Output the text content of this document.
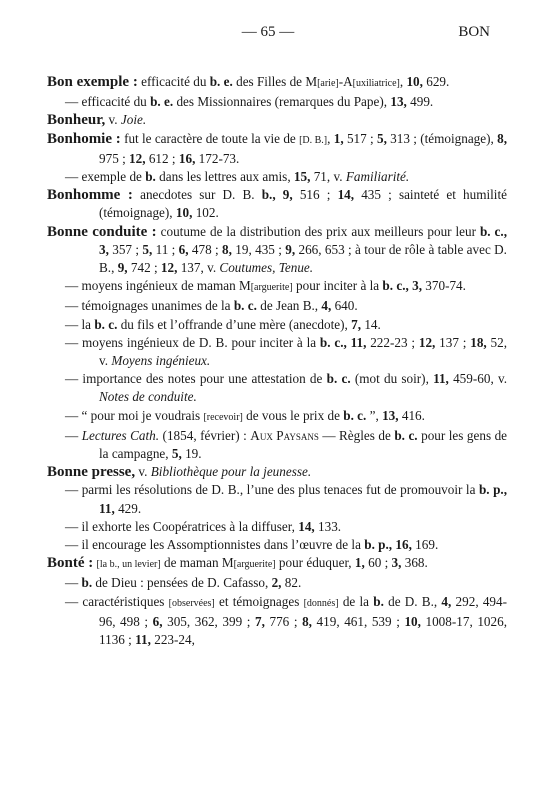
— 65 —	BON

Bon exemple : efficacité du b. e. des Filles de M[arie]-A[uxiliatrice], 10, 629.

— efficacité du b. e. des Missionnaires (remarques du Pape), 13, 499.

Bonheur, v. Joie.

Bonhomie : fut le caractère de toute la vie de [D. B.], 1, 517 ; 5, 313 ; (témoignage), 8, 975 ; 12, 612 ; 16, 172-73.

— exemple de b. dans les lettres aux amis, 15, 71, v. Familiarité.

Bonhomme : anecdotes sur D. B. b., 9, 516 ; 14, 435 ; sainteté et humilité (témoignage), 10, 102.

Bonne conduite : coutume de la distribution des prix aux meilleurs pour leur b. c., 3, 357 ; 5, 11 ; 6, 478 ; 8, 19, 435 ; 9, 266, 653 ; à tour de rôle à table avec D. B., 9, 742 ; 12, 137, v. Coutumes, Tenue.

— moyens ingénieux de maman M[arguerite] pour inciter à la b. c., 3, 370-74.

— témoignages unanimes de la b. c. de Jean B., 4, 640.

— la b. c. du fils et l’offrande d’une mère (anecdote), 7, 14.

— moyens ingénieux de D. B. pour inciter à la b. c., 11, 222-23 ; 12, 137 ; 18, 52, v. Moyens ingénieux.

— importance des notes pour une attestation de b. c. (mot du soir), 11, 459-60, v. Notes de conduite.

— “ pour moi je voudrais [recevoir] de vous le prix de b. c. ”, 13, 416.

— Lectures Cath. (1854, février) : Aux Paysans — Règles de b. c. pour les gens de la campagne, 5, 19.

Bonne presse, v. Bibliothèque pour la jeunesse.

— parmi les résolutions de D. B., l’une des plus tenaces fut de promouvoir la b. p., 11, 429.

— il exhorte les Coopératrices à la diffuser, 14, 133.

— il encourage les Assomptionnistes dans l’œuvre de la b. p., 16, 169.

Bonté : [la b., un levier] de maman M[arguerite] pour éduquer, 1, 60 ; 3, 368.

— b. de Dieu : pensées de D. Cafasso, 2, 82.

— caractéristiques [observées] et témoignages [donnés] de la b. de D. B., 4, 292, 494-96, 498 ; 6, 305, 362, 399 ; 7, 776 ; 8, 419, 461, 539 ; 10, 1008-17, 1026, 1136 ; 11, 223-24,
